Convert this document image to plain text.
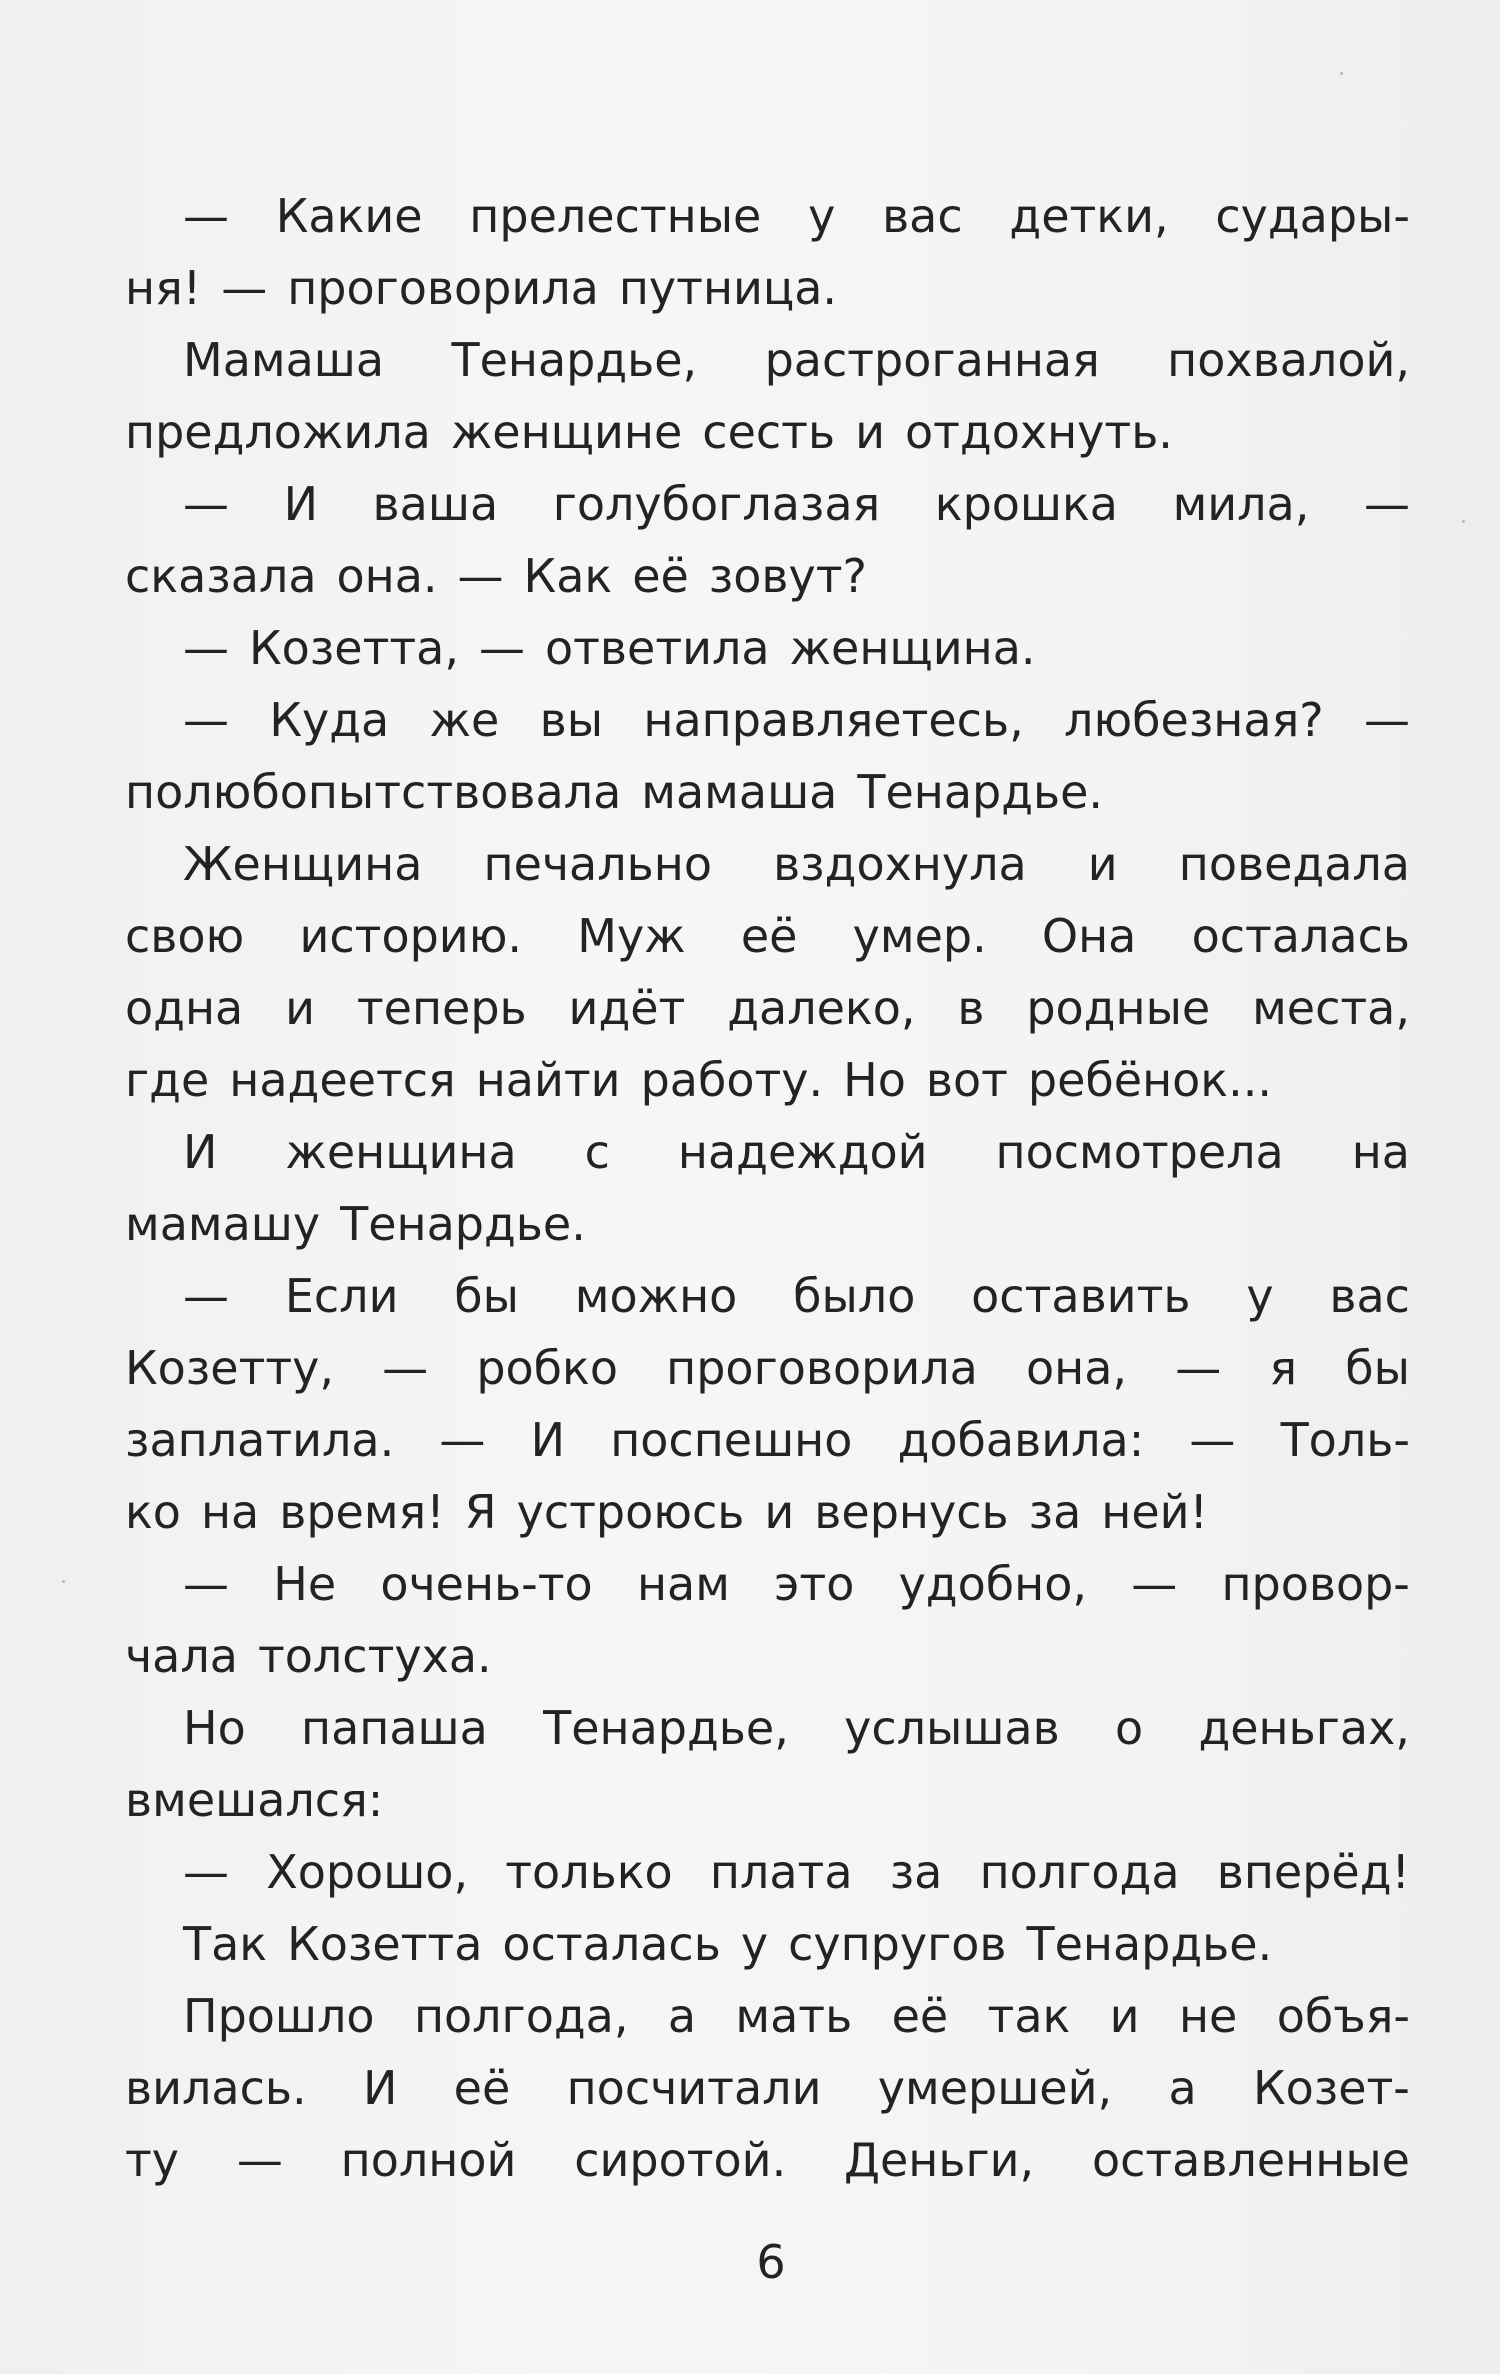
— Какие прелестные у вас детки, судары-

ня! — проговорила путница.

Мамаша Тенардье, растроганная похвалой,

предложила женщине сесть и отдохнуть.

— И ваша голубоглазая крошка мила, —

сказала она. — Как её зовут?

— Козетта, — ответила женщина.

— Куда же вы направляетесь, любезная? —

полюбопытствовала мамаша Тенардье.

Женщина печально вздохнула и поведала

свою историю. Муж её умер. Она осталась

одна и теперь идёт далеко, в родные места,

где надеется найти работу. Но вот ребёнок...

И женщина с надеждой посмотрела на

мамашу Тенардье.

— Если бы можно было оставить у вас

Козетту, — робко проговорила она, — я бы

заплатила. — И поспешно добавила: — Толь-

ко на время! Я устроюсь и вернусь за ней!

— Не очень-то нам это удобно, — провор-

чала толстуха.

Но папаша Тенардье, услышав о деньгах,

вмешался:

— Хорошо, только плата за полгода вперёд!

Так Козетта осталась у супругов Тенардье.

Прошло полгода, а мать её так и не объя-

вилась. И её посчитали умершей, а Козет-

ту — полной сиротой. Деньги, оставленные

6
